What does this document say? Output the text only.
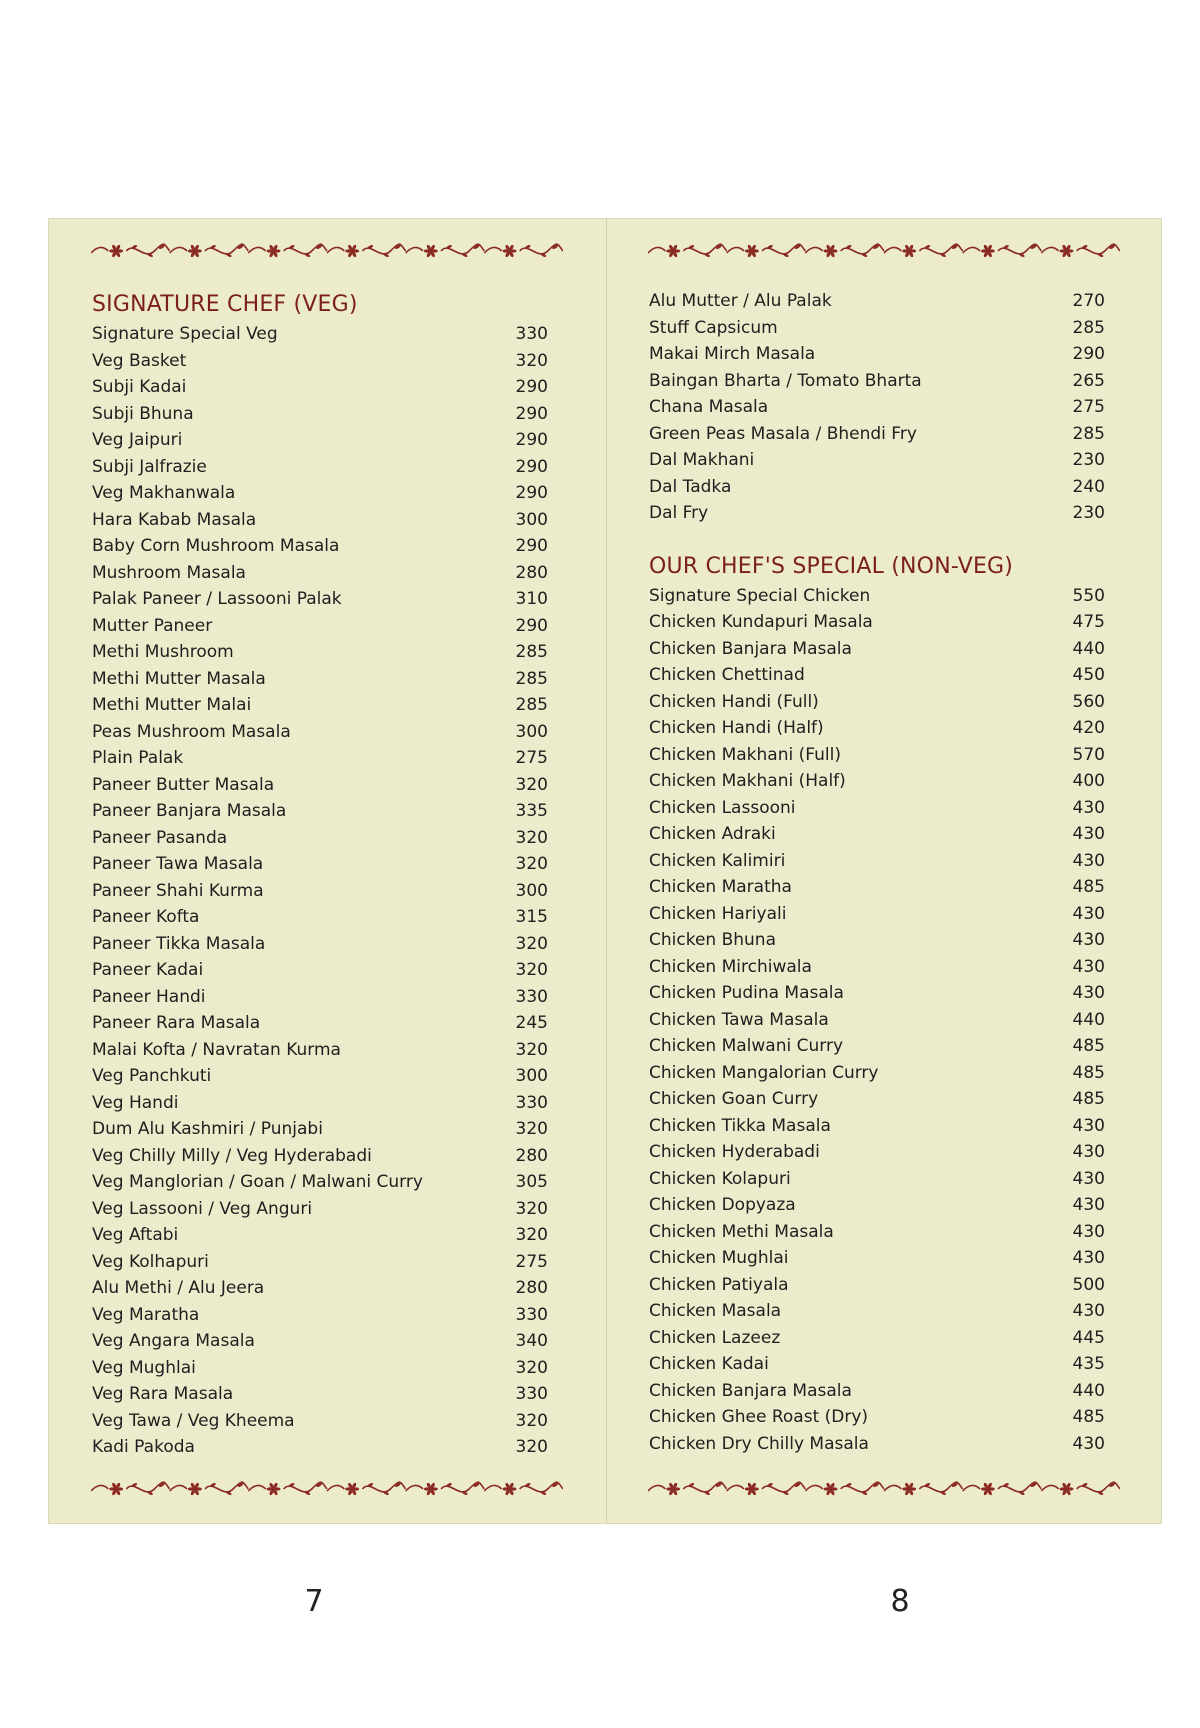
SIGNATURE CHEF (VEG)
Signature Special Veg	330
Veg Basket	320
Subji Kadai	290
Subji Bhuna	290
Veg Jaipuri	290
Subji Jalfrazie	290
Veg Makhanwala	290
Hara Kabab Masala	300
Baby Corn Mushroom Masala	290
Mushroom Masala	280
Palak Paneer / Lassooni Palak	310
Mutter Paneer	290
Methi Mushroom	285
Methi Mutter Masala	285
Methi Mutter Malai	285
Peas Mushroom Masala	300
Plain Palak	275
Paneer Butter Masala	320
Paneer Banjara Masala	335
Paneer Pasanda	320
Paneer Tawa Masala	320
Paneer Shahi Kurma	300
Paneer Kofta	315
Paneer Tikka Masala	320
Paneer Kadai	320
Paneer Handi	330
Paneer Rara Masala	245
Malai Kofta / Navratan Kurma	320
Veg Panchkuti	300
Veg Handi	330
Dum Alu Kashmiri / Punjabi	320
Veg Chilly Milly / Veg Hyderabadi	280
Veg Manglorian / Goan / Malwani Curry	305
Veg Lassooni / Veg Anguri	320
Veg Aftabi	320
Veg Kolhapuri	275
Alu Methi / Alu Jeera	280
Veg Maratha	330
Veg Angara Masala	340
Veg Mughlai	320
Veg Rara Masala	330
Veg Tawa / Veg Kheema	320
Kadi Pakoda	320
Alu Mutter / Alu Palak	270
Stuff Capsicum	285
Makai Mirch Masala	290
Baingan Bharta / Tomato Bharta	265
Chana Masala	275
Green Peas Masala / Bhendi Fry	285
Dal Makhani	230
Dal Tadka	240
Dal Fry	230
OUR CHEF'S SPECIAL (NON-VEG)
Signature Special Chicken	550
Chicken Kundapuri Masala	475
Chicken Banjara Masala	440
Chicken Chettinad	450
Chicken Handi (Full)	560
Chicken Handi (Half)	420
Chicken Makhani (Full)	570
Chicken Makhani (Half)	400
Chicken Lassooni	430
Chicken Adraki	430
Chicken Kalimiri	430
Chicken Maratha	485
Chicken Hariyali	430
Chicken Bhuna	430
Chicken Mirchiwala	430
Chicken Pudina Masala	430
Chicken Tawa Masala	440
Chicken Malwani Curry	485
Chicken Mangalorian Curry	485
Chicken Goan Curry	485
Chicken Tikka Masala	430
Chicken Hyderabadi	430
Chicken Kolapuri	430
Chicken Dopyaza	430
Chicken Methi Masala	430
Chicken Mughlai	430
Chicken Patiyala	500
Chicken Masala	430
Chicken Lazeez	445
Chicken Kadai	435
Chicken Banjara Masala	440
Chicken Ghee Roast (Dry)	485
Chicken Dry Chilly Masala	430
7	8
